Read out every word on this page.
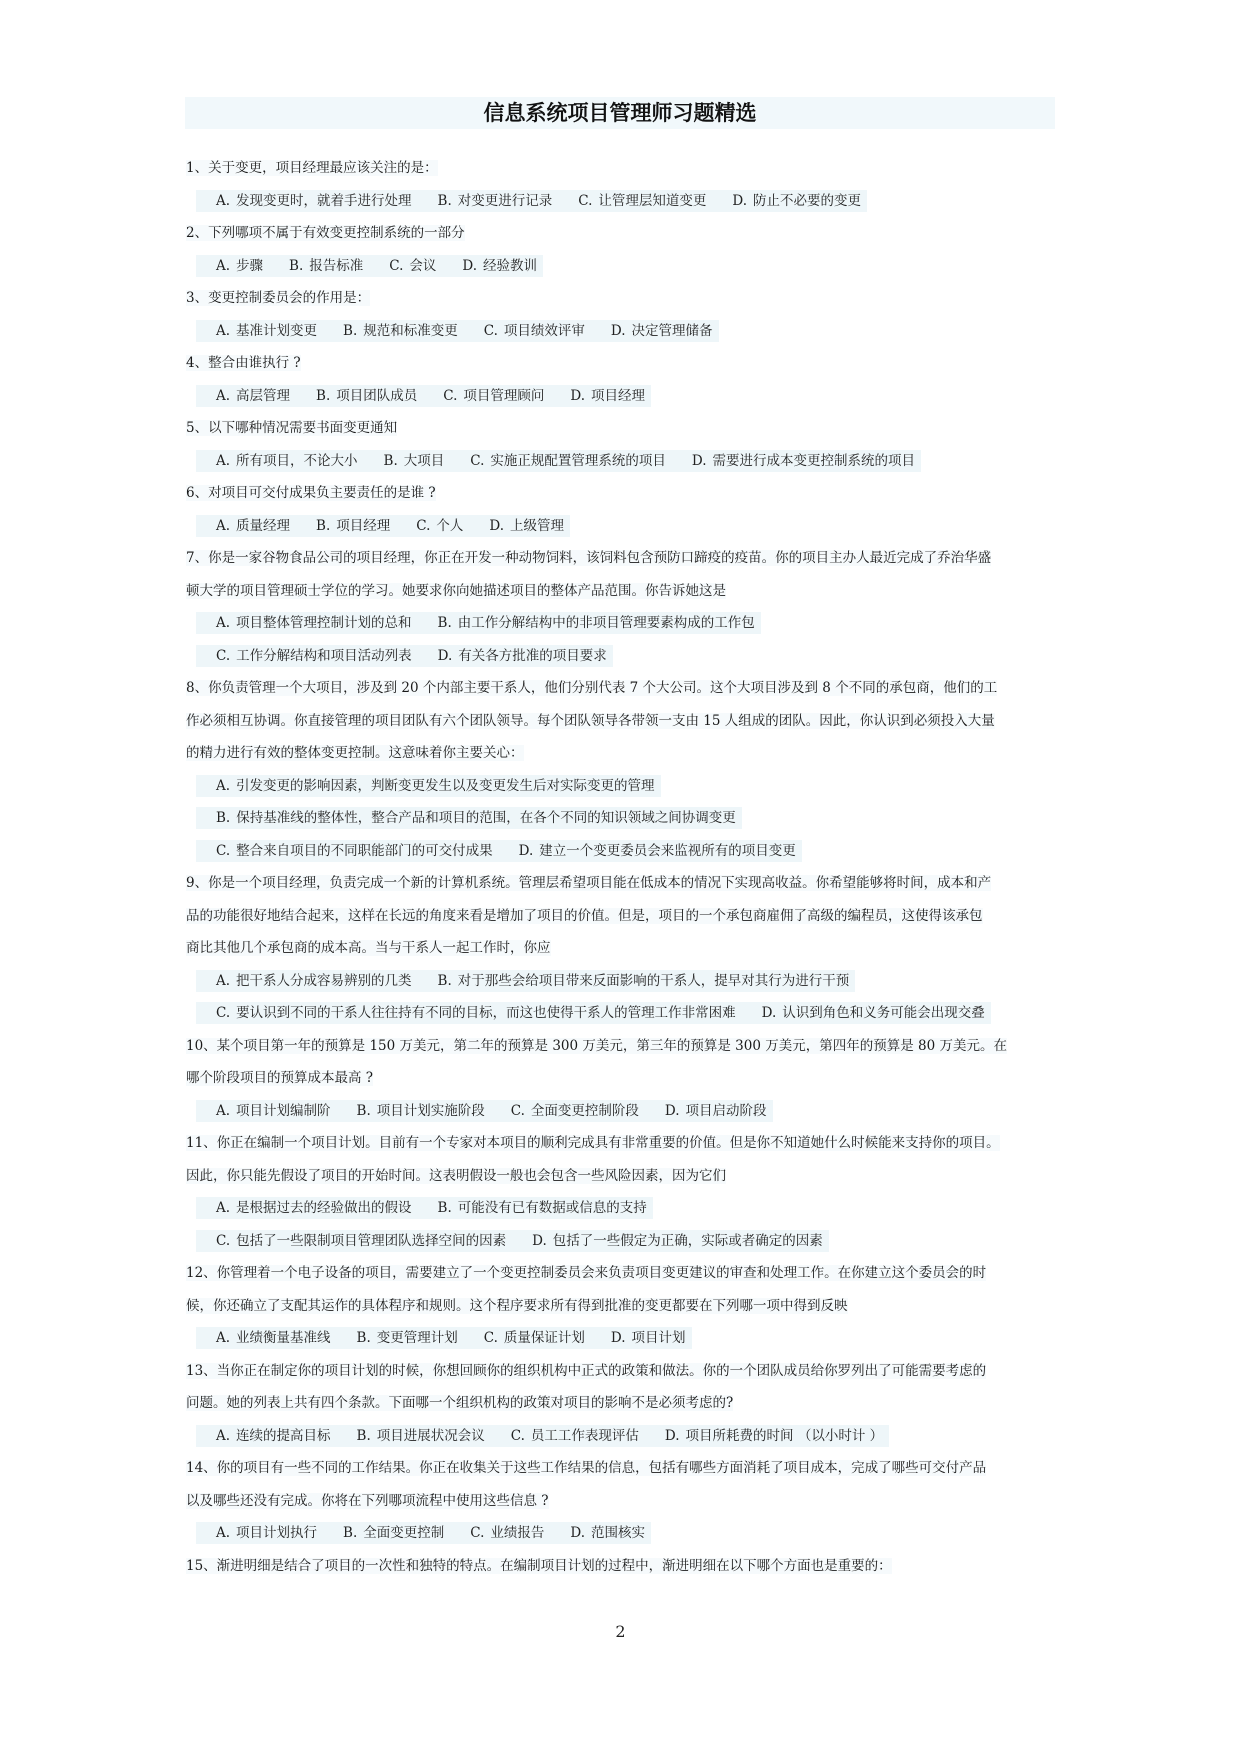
信息系统项目管理师习题精选
1、关于变更，项目经理最应该关注的是：
A. 发现变更时，就着手进行处理 B. 对变更进行记录 C. 让管理层知道变更 D. 防止不必要的变更
2、下列哪项不属于有效变更控制系统的一部分
A. 步骤 B. 报告标准 C. 会议 D. 经验教训
3、变更控制委员会的作用是：
A. 基准计划变更 B. 规范和标准变更 C. 项目绩效评审 D. 决定管理储备
4、整合由谁执行 ?
A. 高层管理 B. 项目团队成员 C. 项目管理顾问 D. 项目经理
5、以下哪种情况需要书面变更通知
A. 所有项目，不论大小 B. 大项目 C. 实施正规配置管理系统的项目 D. 需要进行成本变更控制系统的项目
6、对项目可交付成果负主要责任的是谁 ?
A. 质量经理 B. 项目经理 C. 个人 D. 上级管理
7、你是一家谷物食品公司的项目经理，你正在开发一种动物饲料，该饲料包含预防口蹄疫的疫苗。你的项目主办人最近完成了乔治华盛
顿大学的项目管理硕士学位的学习。她要求你向她描述项目的整体产品范围。你告诉她这是
A. 项目整体管理控制计划的总和 B. 由工作分解结构中的非项目管理要素构成的工作包
C. 工作分解结构和项目活动列表 D. 有关各方批准的项目要求
8、你负责管理一个大项目，涉及到 20 个内部主要干系人，他们分别代表 7 个大公司。这个大项目涉及到 8 个不同的承包商，他们的工
作必须相互协调。你直接管理的项目团队有六个团队领导。每个团队领导各带领一支由 15 人组成的团队。因此，你认识到必须投入大量
的精力进行有效的整体变更控制。这意味着你主要关心：
A. 引发变更的影响因素，判断变更发生以及变更发生后对实际变更的管理
B. 保持基准线的整体性，整合产品和项目的范围，在各个不同的知识领域之间协调变更
C. 整合来自项目的不同职能部门的可交付成果 D. 建立一个变更委员会来监视所有的项目变更
9、你是一个项目经理，负责完成一个新的计算机系统。管理层希望项目能在低成本的情况下实现高收益。你希望能够将时间，成本和产
品的功能很好地结合起来，这样在长远的角度来看是增加了项目的价值。但是，项目的一个承包商雇佣了高级的编程员，这使得该承包
商比其他几个承包商的成本高。当与干系人一起工作时，你应
A. 把干系人分成容易辨别的几类 B. 对于那些会给项目带来反面影响的干系人，提早对其行为进行干预
C. 要认识到不同的干系人往往持有不同的目标，而这也使得干系人的管理工作非常困难 D. 认识到角色和义务可能会出现交叠
10、某个项目第一年的预算是 150 万美元，第二年的预算是 300 万美元，第三年的预算是 300 万美元，第四年的预算是 80 万美元。在
哪个阶段项目的预算成本最高 ?
A. 项目计划编制阶 B. 项目计划实施阶段 C. 全面变更控制阶段 D. 项目启动阶段
11、你正在编制一个项目计划。目前有一个专家对本项目的顺利完成具有非常重要的价值。但是你不知道她什么时候能来支持你的项目。
因此，你只能先假设了项目的开始时间。这表明假设一般也会包含一些风险因素，因为它们
A. 是根据过去的经验做出的假设 B. 可能没有已有数据或信息的支持
C. 包括了一些限制项目管理团队选择空间的因素 D. 包括了一些假定为正确，实际或者确定的因素
12、你管理着一个电子设备的项目，需要建立了一个变更控制委员会来负责项目变更建议的审查和处理工作。在你建立这个委员会的时
候，你还确立了支配其运作的具体程序和规则。这个程序要求所有得到批准的变更都要在下列哪一项中得到反映
A. 业绩衡量基准线 B. 变更管理计划 C. 质量保证计划 D. 项目计划
13、当你正在制定你的项目计划的时候，你想回顾你的组织机构中正式的政策和做法。你的一个团队成员给你罗列出了可能需要考虑的
问题。她的列表上共有四个条款。下面哪一个组织机构的政策对项目的影响不是必须考虑的?
A. 连续的提高目标 B. 项目进展状况会议 C. 员工工作表现评估 D. 项目所耗费的时间 （以小时计 ）
14、你的项目有一些不同的工作结果。你正在收集关于这些工作结果的信息，包括有哪些方面消耗了项目成本，完成了哪些可交付产品
以及哪些还没有完成。你将在下列哪项流程中使用这些信息 ?
A. 项目计划执行 B. 全面变更控制 C. 业绩报告 D. 范围核实
15、渐进明细是结合了项目的一次性和独特的特点。在编制项目计划的过程中，渐进明细在以下哪个方面也是重要的：
2
